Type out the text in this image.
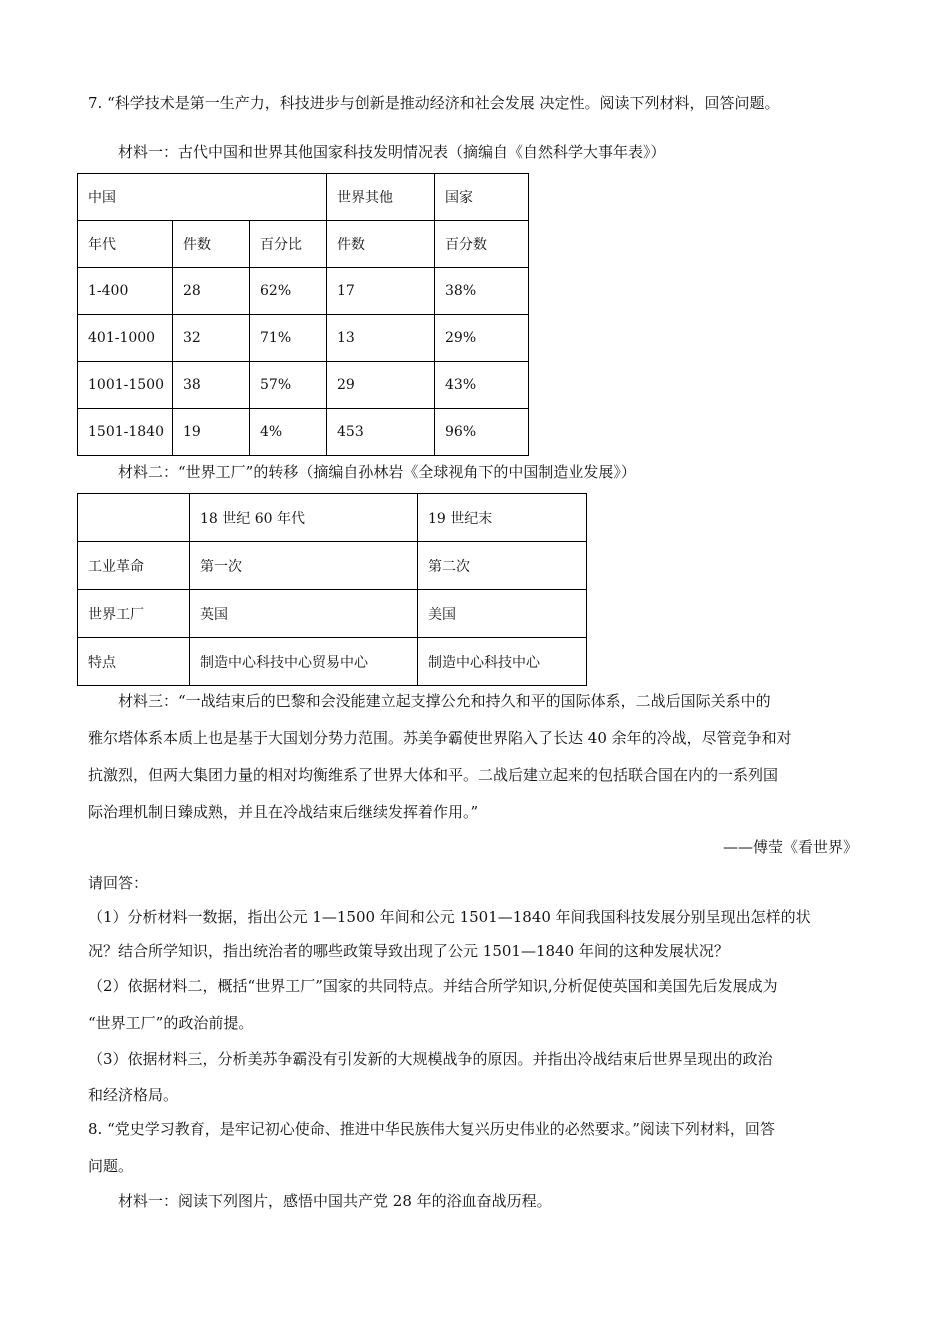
7. “科学技术是第一生产力，科技进步与创新是推动经济和社会发展 决定性。阅读下列材料，回答问题。
材料一：古代中国和世界其他国家科技发明情况表（摘编自《自然科学大事年表》）
中国			世界其他	国家
年代	件数	百分比	件数	百分数
1-400	28	62%	17	38%
401-1000	32	71%	13	29%
1001-1500	38	57%	29	43%
1501-1840	19	4%	453	96%
材料二：“世界工厂”的转移（摘编自孙林岩《全球视角下的中国制造业发展》）
	18 世纪 60 年代	19 世纪末
工业革命	第一次	第二次
世界工厂	英国	美国
特点	制造中心科技中心贸易中心	制造中心科技中心
材料三：“一战结束后的巴黎和会没能建立起支撑公允和持久和平的国际体系，二战后国际关系中的
雅尔塔体系本质上也是基于大国划分势力范围。苏美争霸使世界陷入了长达 40 余年的冷战，尽管竞争和对
抗激烈，但两大集团力量的相对均衡维系了世界大体和平。二战后建立起来的包括联合国在内的一系列国
际治理机制日臻成熟，并且在冷战结束后继续发挥着作用。”
——傅莹《看世界》
请回答：
（1）分析材料一数据，指出公元 1—1500 年间和公元 1501—1840 年间我国科技发展分别呈现出怎样的状
况？结合所学知识，指出统治者的哪些政策导致出现了公元 1501—1840 年间的这种发展状况？
（2）依据材料二，概括“世界工厂”国家的共同特点。并结合所学知识,分析促使英国和美国先后发展成为
“世界工厂”的政治前提。
（3）依据材料三，分析美苏争霸没有引发新的大规模战争的原因。并指出冷战结束后世界呈现出的政治
和经济格局。
8. “党史学习教育，是牢记初心使命、推进中华民族伟大复兴历史伟业的必然要求。”阅读下列材料，回答
问题。
材料一：阅读下列图片，感悟中国共产党 28 年的浴血奋战历程。
